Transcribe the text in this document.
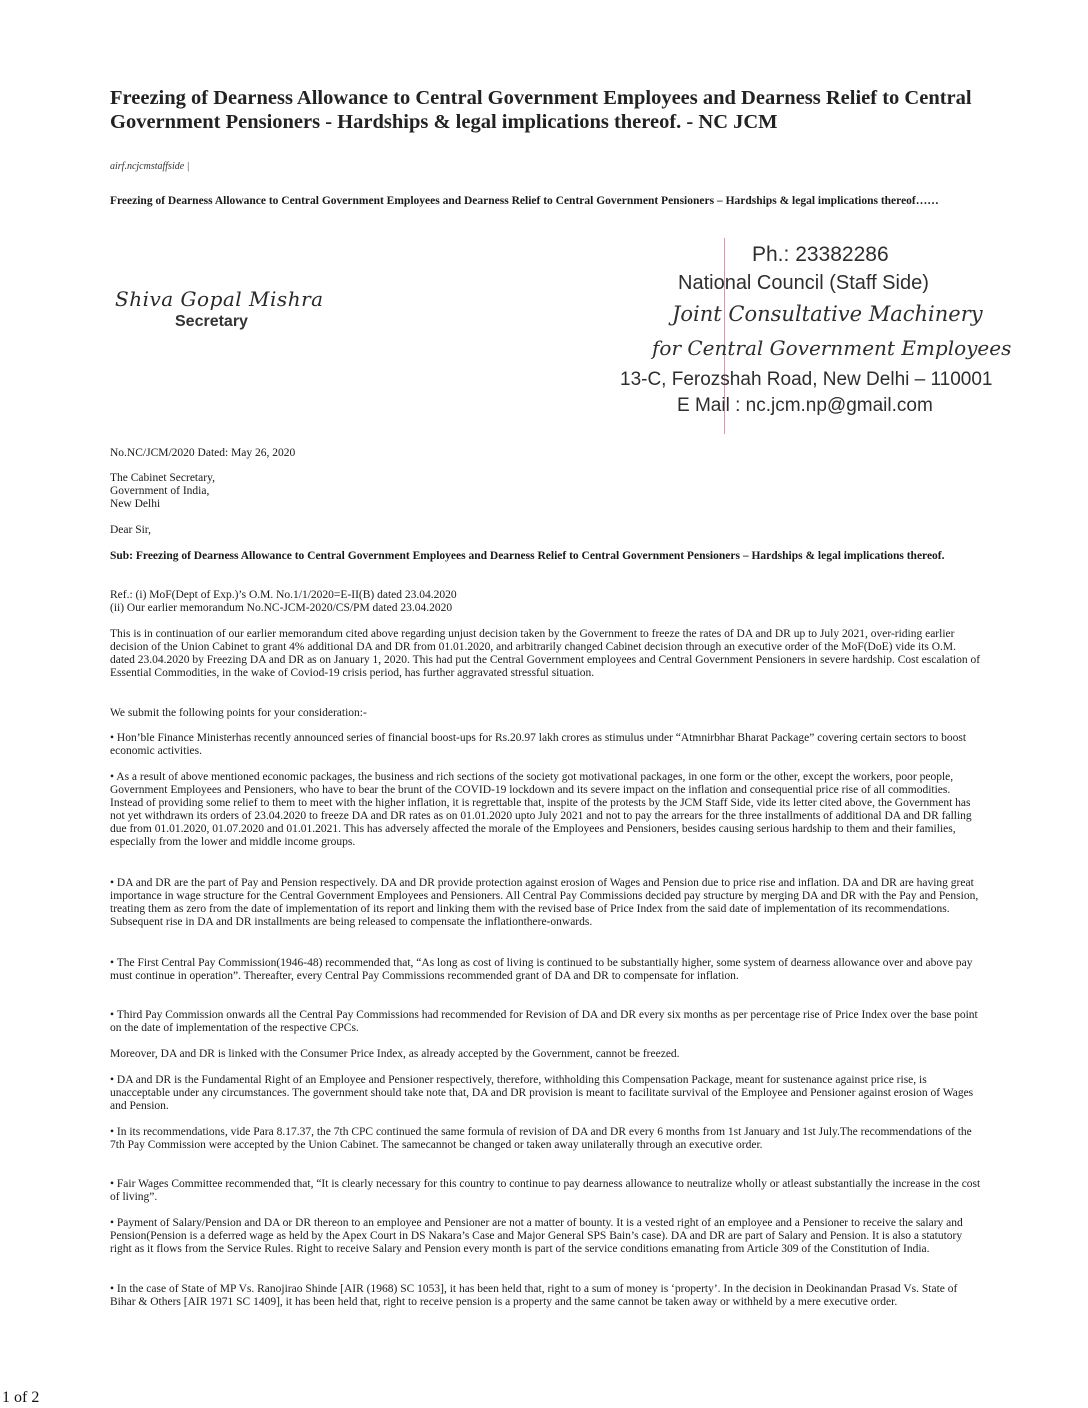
Freezing of Dearness Allowance to Central Government Employees and Dearness Relief to Central Government Pensioners - Hardships & legal implications thereof. - NC JCM
airf.ncjcmstaffside |
Freezing of Dearness Allowance to Central Government Employees and Dearness Relief to Central Government Pensioners – Hardships & legal implications thereof……
Shiva Gopal Mishra
Secretary
Ph.: 23382286
National Council (Staff Side)
Joint Consultative Machinery
for Central Government Employees
13-C, Ferozshah Road, New Delhi – 110001
E Mail : nc.jcm.np@gmail.com
No.NC/JCM/2020 Dated: May 26, 2020
The Cabinet Secretary,
Government of India,
New Delhi
Dear Sir,
Sub: Freezing of Dearness Allowance to Central Government Employees and Dearness Relief to Central Government Pensioners – Hardships & legal implications thereof.
Ref.: (i) MoF(Dept of Exp.)’s O.M. No.1/1/2020=E-II(B) dated 23.04.2020
(ii) Our earlier memorandum No.NC-JCM-2020/CS/PM dated 23.04.2020
This is in continuation of our earlier memorandum cited above regarding unjust decision taken by the Government to freeze the rates of DA and DR up to July 2021, over-riding earlier decision of the Union Cabinet to grant 4% additional DA and DR from 01.01.2020, and arbitrarily changed Cabinet decision through an executive order of the MoF(DoE) vide its O.M. dated 23.04.2020 by Freezing DA and DR as on January 1, 2020. This had put the Central Government employees and Central Government Pensioners in severe hardship. Cost escalation of Essential Commodities, in the wake of Coviod-19 crisis period, has further aggravated stressful situation.
We submit the following points for your consideration:-
• Hon’ble Finance Ministerhas recently announced series of financial boost-ups for Rs.20.97 lakh crores as stimulus under “Atmnirbhar Bharat Package” covering certain sectors to boost economic activities.
• As a result of above mentioned economic packages, the business and rich sections of the society got motivational packages, in one form or the other, except the workers, poor people, Government Employees and Pensioners, who have to bear the brunt of the COVID-19 lockdown and its severe impact on the inflation and consequential price rise of all commodities. Instead of providing some relief to them to meet with the higher inflation, it is regrettable that, inspite of the protests by the JCM Staff Side, vide its letter cited above, the Government has not yet withdrawn its orders of 23.04.2020 to freeze DA and DR rates as on 01.01.2020 upto July 2021 and not to pay the arrears for the three installments of additional DA and DR falling due from 01.01.2020, 01.07.2020 and 01.01.2021. This has adversely affected the morale of the Employees and Pensioners, besides causing serious hardship to them and their families, especially from the lower and middle income groups.
• DA and DR are the part of Pay and Pension respectively. DA and DR provide protection against erosion of Wages and Pension due to price rise and inflation. DA and DR are having great importance in wage structure for the Central Government Employees and Pensioners. All Central Pay Commissions decided pay structure by merging DA and DR with the Pay and Pension, treating them as zero from the date of implementation of its report and linking them with the revised base of Price Index from the said date of implementation of its recommendations. Subsequent rise in DA and DR installments are being released to compensate the inflationthere-onwards.
• The First Central Pay Commission(1946-48) recommended that, “As long as cost of living is continued to be substantially higher, some system of dearness allowance over and above pay must continue in operation”. Thereafter, every Central Pay Commissions recommended grant of DA and DR to compensate for inflation.
• Third Pay Commission onwards all the Central Pay Commissions had recommended for Revision of DA and DR every six months as per percentage rise of Price Index over the base point on the date of implementation of the respective CPCs.
Moreover, DA and DR is linked with the Consumer Price Index, as already accepted by the Government, cannot be freezed.
• DA and DR is the Fundamental Right of an Employee and Pensioner respectively, therefore, withholding this Compensation Package, meant for sustenance against price rise, is unacceptable under any circumstances. The government should take note that, DA and DR provision is meant to facilitate survival of the Employee and Pensioner against erosion of Wages and Pension.
• In its recommendations, vide Para 8.17.37, the 7th CPC continued the same formula of revision of DA and DR every 6 months from 1st January and 1st July.The recommendations of the 7th Pay Commission were accepted by the Union Cabinet. The samecannot be changed or taken away unilaterally through an executive order.
• Fair Wages Committee recommended that, “It is clearly necessary for this country to continue to pay dearness allowance to neutralize wholly or atleast substantially the increase in the cost of living”.
• Payment of Salary/Pension and DA or DR thereon to an employee and Pensioner are not a matter of bounty. It is a vested right of an employee and a Pensioner to receive the salary and Pension(Pension is a deferred wage as held by the Apex Court in DS Nakara’s Case and Major General SPS Bain’s case). DA and DR are part of Salary and Pension. It is also a statutory right as it flows from the Service Rules. Right to receive Salary and Pension every month is part of the service conditions emanating from Article 309 of the Constitution of India.
• In the case of State of MP Vs. Ranojirao Shinde [AIR (1968) SC 1053], it has been held that, right to a sum of money is ‘property’. In the decision in Deokinandan Prasad Vs. State of Bihar & Others [AIR 1971 SC 1409], it has been held that, right to receive pension is a property and the same cannot be taken away or withheld by a mere executive order.
1 of 2
